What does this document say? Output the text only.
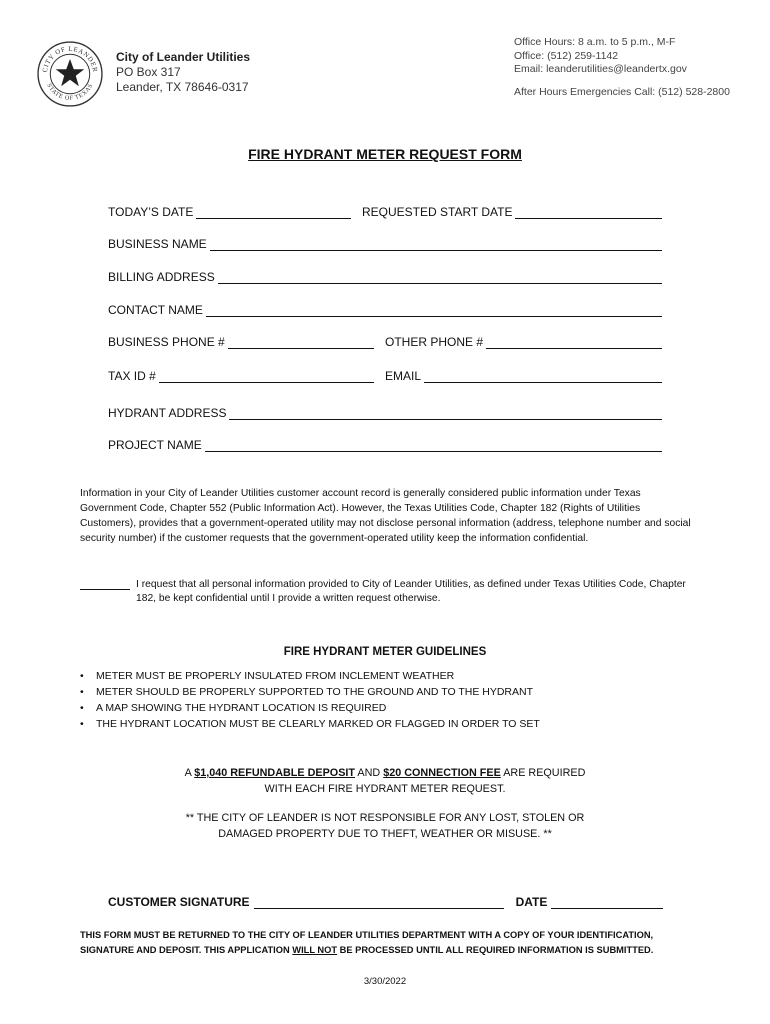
CITY OF LEANDER
STATE OF TEXAS
City of Leander Utilities
PO Box 317
Leander, TX 78646-0317
Office Hours: 8 a.m. to 5 p.m., M-F
Office: (512) 259-1142
Email: leanderutilities@leandertx.gov
After Hours Emergencies Call: (512) 528-2800
FIRE HYDRANT METER REQUEST FORM
TODAY’S DATE	REQUESTED START DATE
BUSINESS NAME
BILLING ADDRESS
CONTACT NAME
BUSINESS PHONE #	OTHER PHONE #
TAX ID #	EMAIL
HYDRANT ADDRESS
PROJECT NAME
Information in your City of Leander Utilities customer account record is generally considered public information under Texas Government Code, Chapter 552 (Public Information Act). However, the Texas Utilities Code, Chapter 182 (Rights of Utilities Customers), provides that a government-operated utility may not disclose personal information (address, telephone number and social security number) if the customer requests that the government-operated utility keep the information confidential.
I request that all personal information provided to City of Leander Utilities, as defined under Texas Utilities Code, Chapter 182, be kept confidential until I provide a written request otherwise.
FIRE HYDRANT METER GUIDELINES
• METER MUST BE PROPERLY INSULATED FROM INCLEMENT WEATHER
• METER SHOULD BE PROPERLY SUPPORTED TO THE GROUND AND TO THE HYDRANT
• A MAP SHOWING THE HYDRANT LOCATION IS REQUIRED
• THE HYDRANT LOCATION MUST BE CLEARLY MARKED OR FLAGGED IN ORDER TO SET
A $1,040 REFUNDABLE DEPOSIT AND $20 CONNECTION FEE ARE REQUIRED
WITH EACH FIRE HYDRANT METER REQUEST.
** THE CITY OF LEANDER IS NOT RESPONSIBLE FOR ANY LOST, STOLEN OR
DAMAGED PROPERTY DUE TO THEFT, WEATHER OR MISUSE. **
CUSTOMER SIGNATURE	DATE
THIS FORM MUST BE RETURNED TO THE CITY OF LEANDER UTILITIES DEPARTMENT WITH A COPY OF YOUR IDENTIFICATION, SIGNATURE AND DEPOSIT. THIS APPLICATION WILL NOT BE PROCESSED UNTIL ALL REQUIRED INFORMATION IS SUBMITTED.
3/30/2022
